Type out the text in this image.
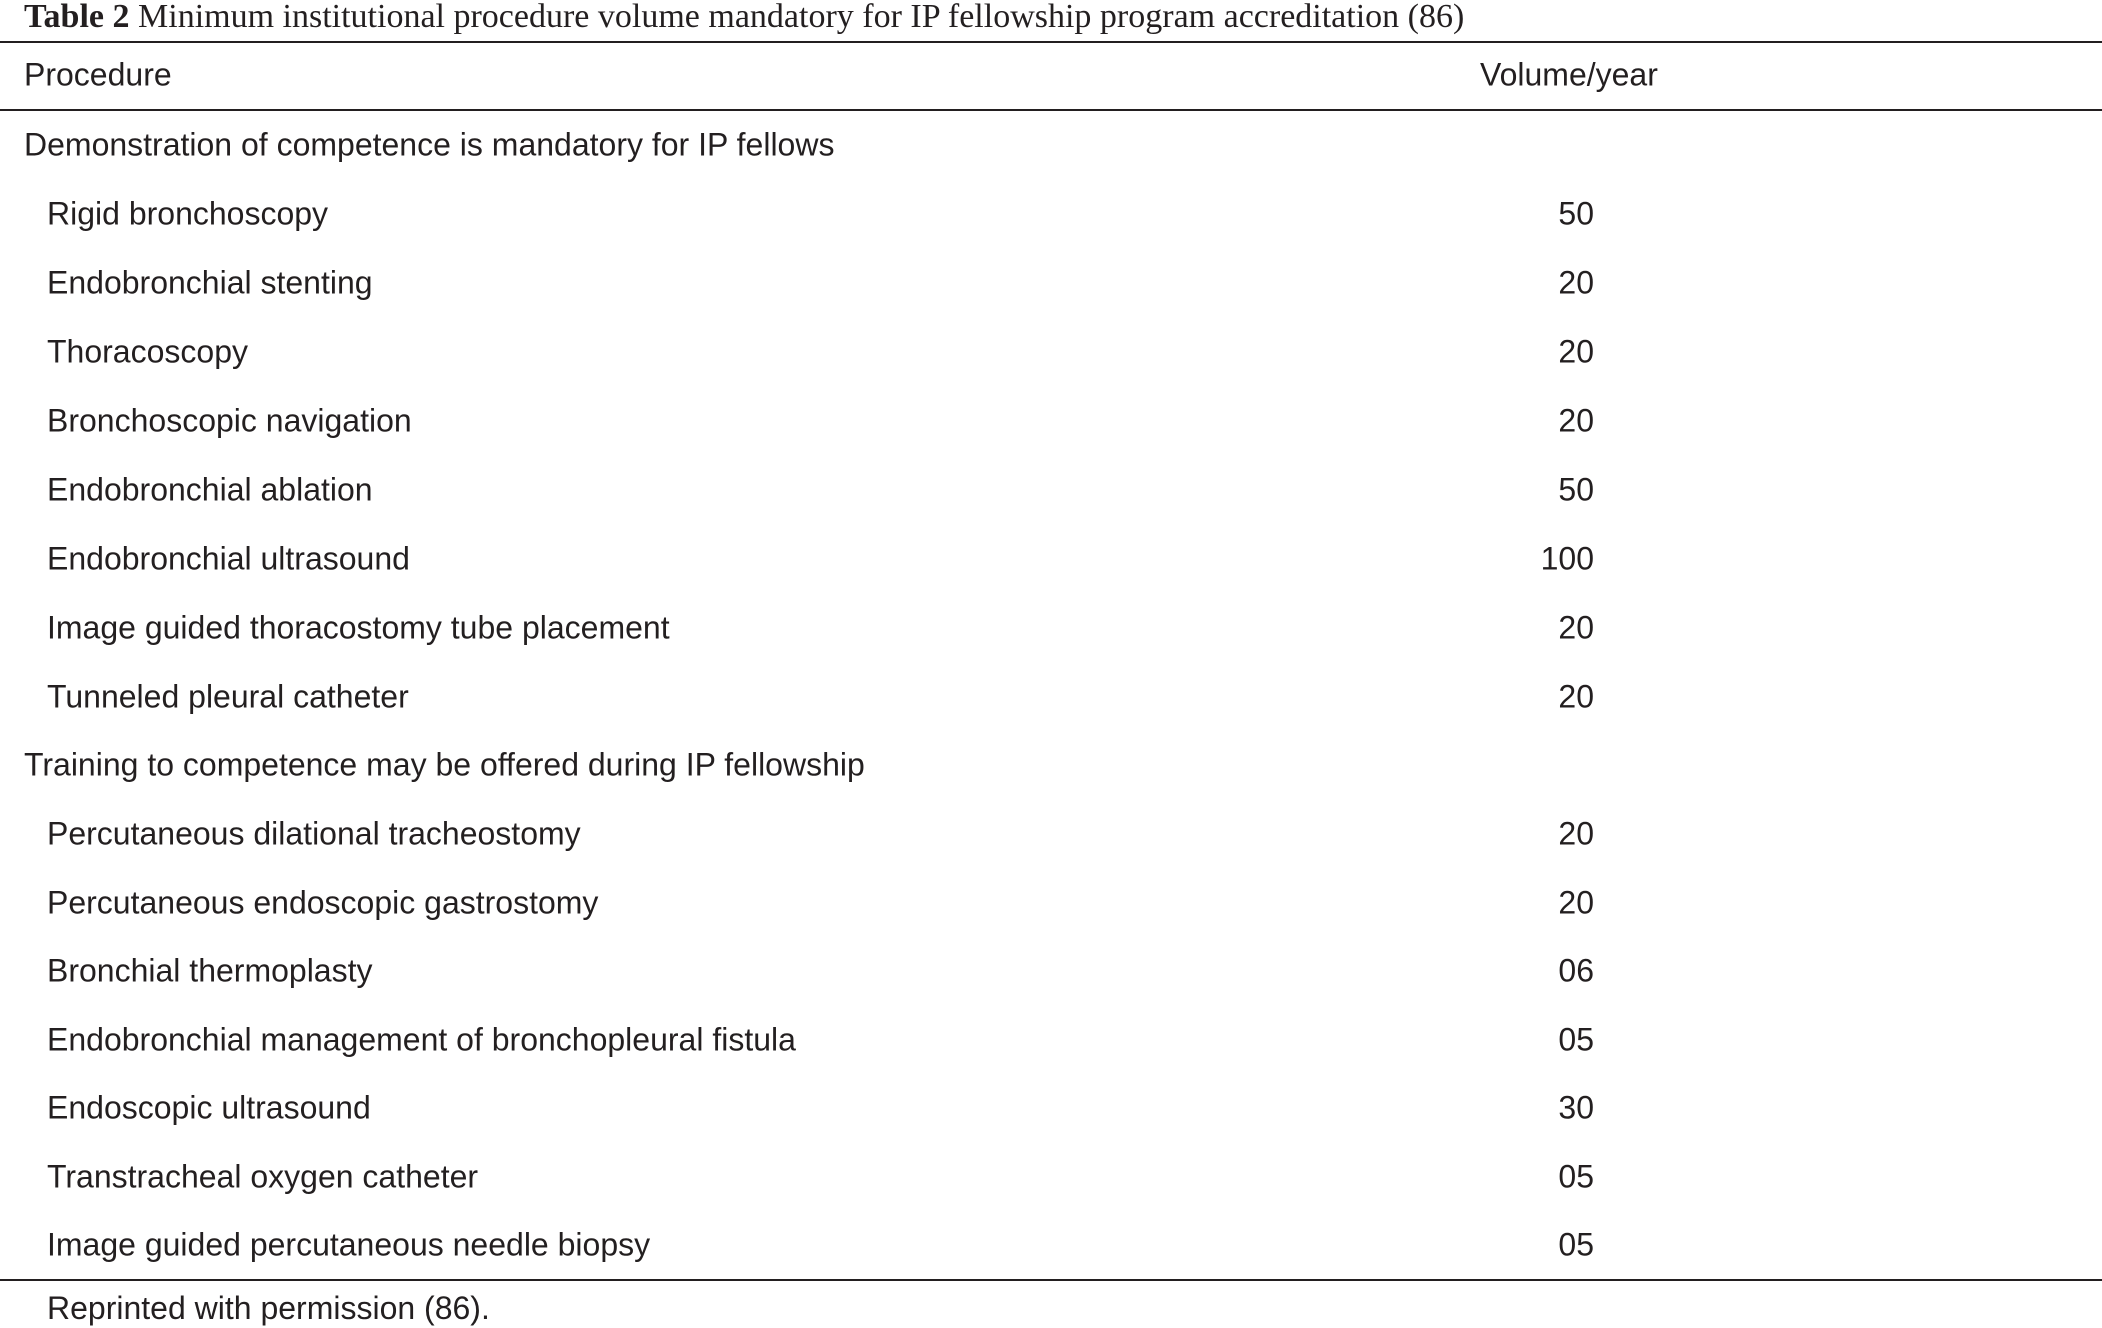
Table 2 Minimum institutional procedure volume mandatory for IP fellowship program accreditation (86)
Procedure	Volume/year
Demonstration of competence is mandatory for IP fellows
Rigid bronchoscopy	50
Endobronchial stenting	20
Thoracoscopy	20
Bronchoscopic navigation	20
Endobronchial ablation	50
Endobronchial ultrasound	100
Image guided thoracostomy tube placement	20
Tunneled pleural catheter	20
Training to competence may be offered during IP fellowship
Percutaneous dilational tracheostomy	20
Percutaneous endoscopic gastrostomy	20
Bronchial thermoplasty	06
Endobronchial management of bronchopleural fistula	05
Endoscopic ultrasound	30
Transtracheal oxygen catheter	05
Image guided percutaneous needle biopsy	05
Reprinted with permission (86).
